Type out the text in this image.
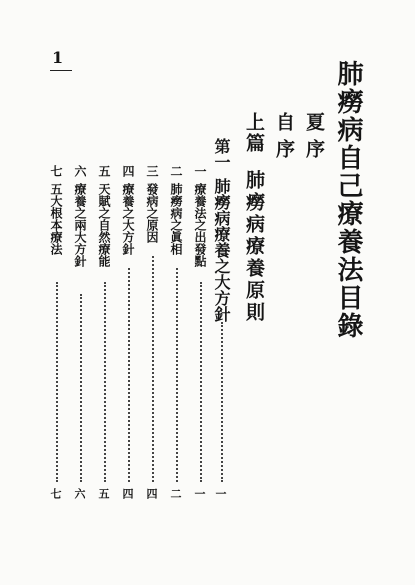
1
肺癆病自己療養法目錄
夏序
自序
上篇肺癆病療養原則
第一肺癆病療養之大方針
一
一療養法之出發點
一
二肺癆病之眞相
二
三發病之原因
四
四療養之大方針
四
五天賦之自然療能
五
六療養之兩大方針
六
七五大根本療法
七
